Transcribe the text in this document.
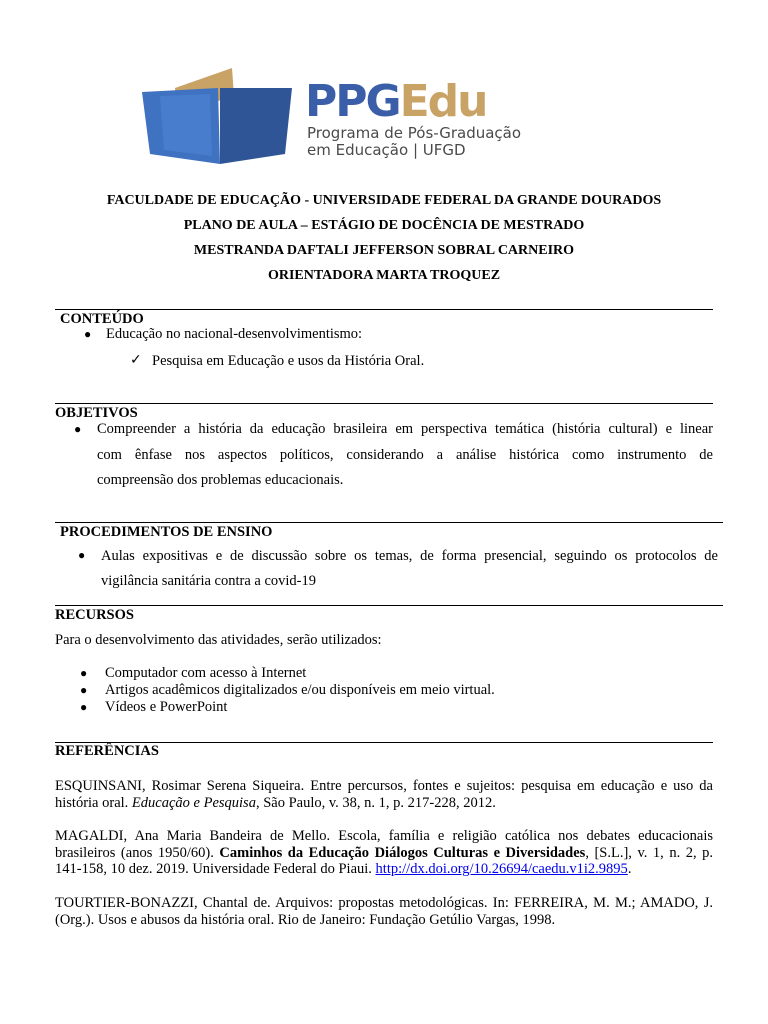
PPGEdu
Programa de Pós-Graduação
em Educação | UFGD
FACULDADE DE EDUCAÇÃO - UNIVERSIDADE FEDERAL DA GRANDE DOURADOS
PLANO DE AULA – ESTÁGIO DE DOCÊNCIA DE MESTRADO
MESTRANDA DAFTALI JEFFERSON SOBRAL CARNEIRO
ORIENTADORA MARTA TROQUEZ
CONTEÚDO
● Educação no nacional-desenvolvimentismo:
✓ Pesquisa em Educação e usos da História Oral.
OBJETIVOS
● Compreender a história da educação brasileira em perspectiva temática (história cultural) e linear
com ênfase nos aspectos políticos, considerando a análise histórica como instrumento de
compreensão dos problemas educacionais.
PROCEDIMENTOS DE ENSINO
● Aulas expositivas e de discussão sobre os temas, de forma presencial, seguindo os protocolos de
vigilância sanitária contra a covid-19
RECURSOS
Para o desenvolvimento das atividades, serão utilizados:
● Computador com acesso à Internet
● Artigos acadêmicos digitalizados e/ou disponíveis em meio virtual.
● Vídeos e PowerPoint
REFERÊNCIAS
ESQUINSANI, Rosimar Serena Siqueira. Entre percursos, fontes e sujeitos: pesquisa em educação e uso da história oral. Educação e Pesquisa, São Paulo, v. 38, n. 1, p. 217-228, 2012.
MAGALDI, Ana Maria Bandeira de Mello. Escola, família e religião católica nos debates educacionais brasileiros (anos 1950/60). Caminhos da Educação Diálogos Culturas e Diversidades, [S.L.], v. 1, n. 2, p. 141-158, 10 dez. 2019. Universidade Federal do Piaui. http://dx.doi.org/10.26694/caedu.v1i2.9895.
TOURTIER-BONAZZI, Chantal de. Arquivos: propostas metodológicas. In: FERREIRA, M. M.; AMADO, J. (Org.). Usos e abusos da história oral. Rio de Janeiro: Fundação Getúlio Vargas, 1998.
